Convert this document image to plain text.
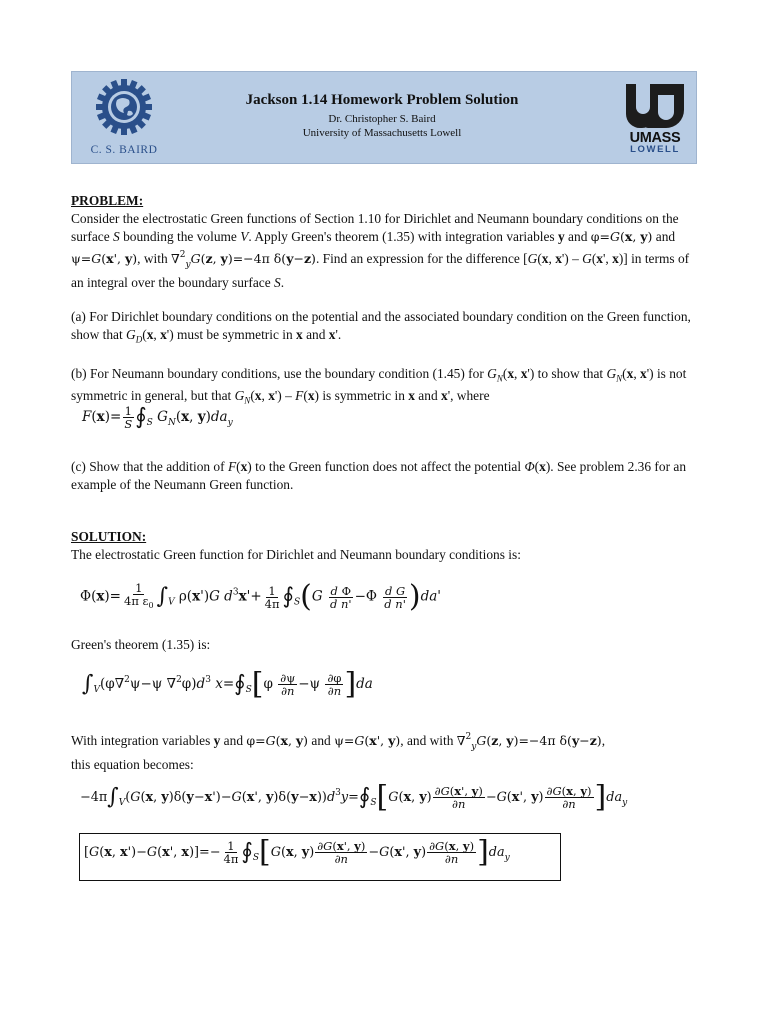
C. S. BAIRD

Jackson 1.14 Homework Problem Solution

Dr. Christopher S. Baird
University of Massachusetts Lowell	UMASS
LOWELL

PROBLEM:

Consider the electrostatic Green functions of Section 1.10 for Dirichlet and Neumann boundary conditions on the surface S bounding the volume V. Apply Green's theorem (1.35) with integration variables y and φ=G(x, y) and ψ=G(x', y), with ∇$^2_y$G(z, y)=−4π δ(y−z). Find an expression for the difference [G(x, x') – G(x', x)] in terms of an integral over the boundary surface S.

(a) For Dirichlet boundary conditions on the potential and the associated boundary condition on the Green function, show that $G_D(x$, x') must be symmetric in x and x'.

(b) For Neumann boundary conditions, use the boundary condition (1.45) for $G_N(x$, x') to show that $G_N(x$, x') is not symmetric in general, but that $G_N(x$, x') – F(x) is symmetric in x and x', where

$F(x)= \frac{1}{S}$ $∮_S$ $G_N(x$, $y)da_y$

(c) Show that the addition of F(x) to the Green function does not affect the potential Φ(x). See problem 2.36 for an example of the Neumann Green function.

SOLUTION:

The electrostatic Green function for Dirichlet and Neumann boundary conditions is:

$\Phi(x)= \frac{1}{4\pi \varepsilon_0} \int_V$ ρ(x')G $d^3x'+ \frac{1}{4\pi}$ $∮_S(G \frac{\text{d Φ}}{\text{d n'}} -\Phi \frac{\text{d G}}{\text{d n'}} )da'$

Green's theorem (1.35) is:

$\int_V(\varphi\nabla^2\psi-\psi$ $\nabla^2\varphi)d^3$ $x=∮_S[\varphi \frac{\partial\psi}{\partial n} -\psi \frac{\partial\varphi}{\partial n} ]da$

With integration variables y and φ=G(x, y) and ψ=G(x', y), and with ∇$^2_y$G(z, y)=−4π δ(y−z),

this equation becomes:

$-4\pi\int_V(G(x$, y)δ(y−x')−G(x', $y)\delta(y-x))d^3y=∮_S[G(x$, $y) \frac{\partial G(x', y)}{\partial n} -G(x'$, $y) \frac{\partial G(x, y)}{\partial n} ]da_y$
[G(x, x')−G(x', $x)]=- \frac{1}{4\pi}$ $∮_S[G(x$, $y) \frac{\partial G(x', y)}{\partial n} -G(x'$, $y) \frac{\partial G(x, y)}{\partial n} ]da_y$
